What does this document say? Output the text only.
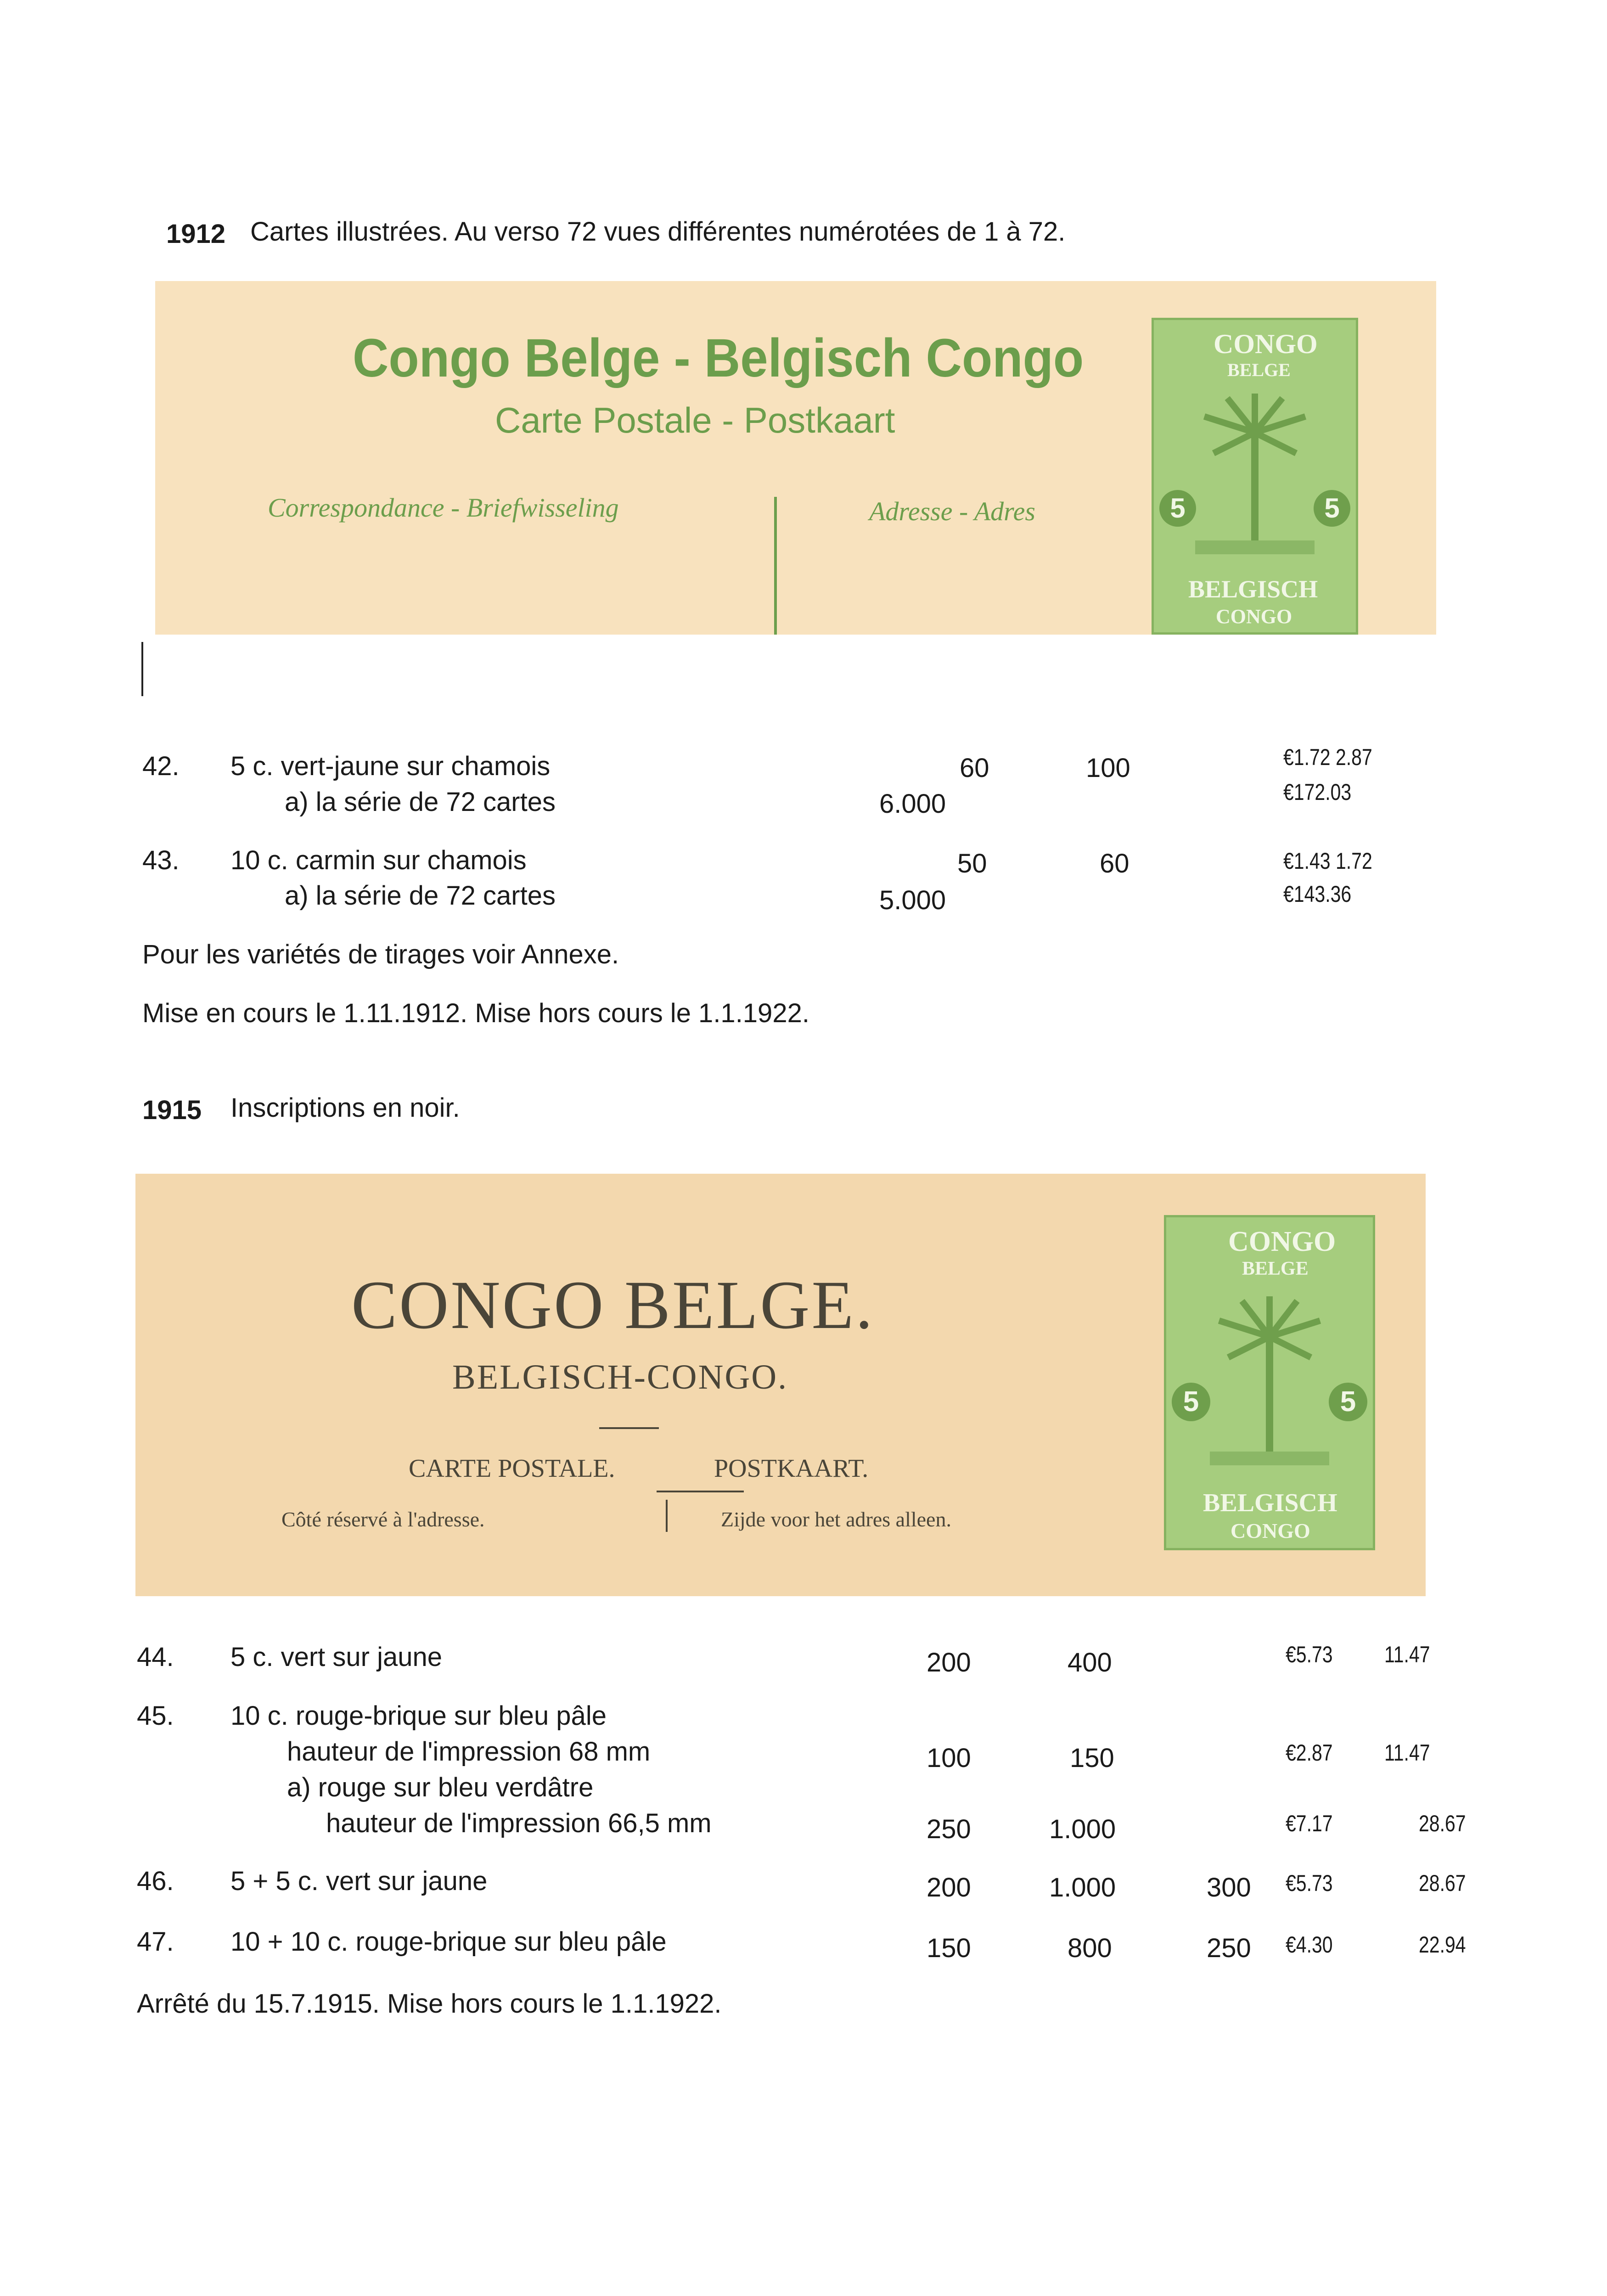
1912 Cartes illustrées. Au verso 72 vues différentes numérotées de 1 à 72.
Congo Belge - Belgisch Congo
Carte Postale - Postkaart
Correspondance - Briefwisseling	Adresse - Adres
CONGO
BELGE
5	5
BELGISCH
CONGO
42. 5 c. vert-jaune sur chamois	60	100	€1.72 2.87
a) la série de 72 cartes	6.000	€172.03
43. 10 c. carmin sur chamois	50	60	€1.43 1.72
a) la série de 72 cartes	5.000	€143.36
Pour les variétés de tirages voir Annexe.
Mise en cours le 1.11.1912. Mise hors cours le 1.1.1922.
1915 Inscriptions en noir.
CONGO BELGE.
BELGISCH-CONGO.
CARTE POSTALE.	POSTKAART.
Côté réservé à l'adresse.	Zijde voor het adres alleen.
CONGO
BELGE
5	5
BELGISCH
CONGO
44. 5 c. vert sur jaune	200	400	€5.73 11.47
45. 10 c. rouge-brique sur bleu pâle
hauteur de l'impression 68 mm	100	150	€2.87 11.47
a) rouge sur bleu verdâtre
hauteur de l'impression 66,5 mm	250	1.000	€7.17	28.67
46. 5 + 5 c. vert sur jaune	200	1.000	300 €5.73	28.67
47. 10 + 10 c. rouge-brique sur bleu pâle	150	800	250 €4.30	22.94
Arrêté du 15.7.1915. Mise hors cours le 1.1.1922.
